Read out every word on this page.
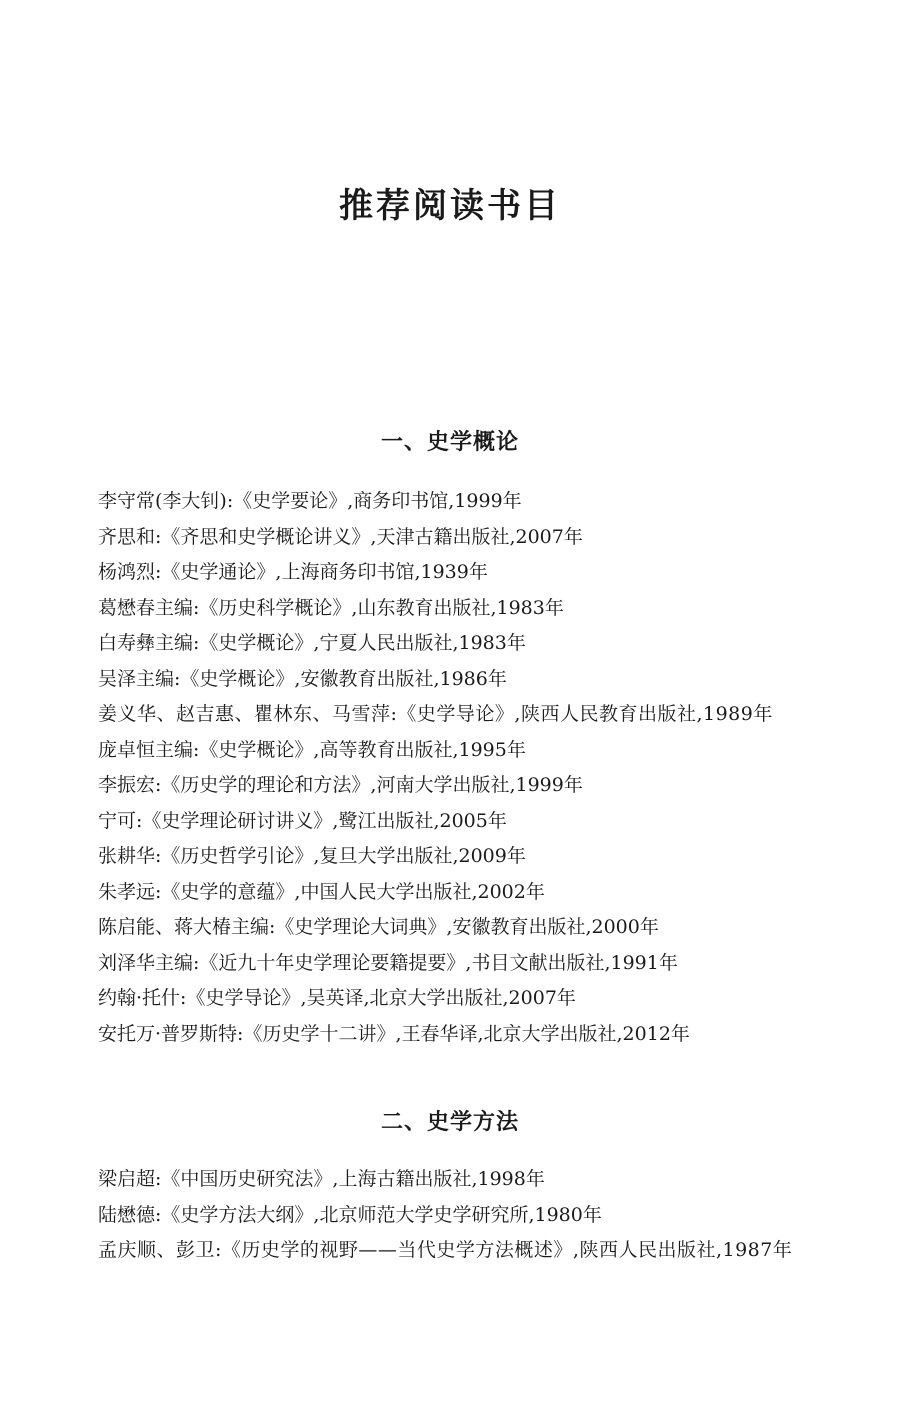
推荐阅读书目
一、史学概论
李守常(李大钊):《史学要论》,商务印书馆,1999年
齐思和:《齐思和史学概论讲义》,天津古籍出版社,2007年
杨鸿烈:《史学通论》,上海商务印书馆,1939年
葛懋春主编:《历史科学概论》,山东教育出版社,1983年
白寿彝主编:《史学概论》,宁夏人民出版社,1983年
吴泽主编:《史学概论》,安徽教育出版社,1986年
姜义华、赵吉惠、瞿林东、马雪萍:《史学导论》,陕西人民教育出版社,1989年
庞卓恒主编:《史学概论》,高等教育出版社,1995年
李振宏:《历史学的理论和方法》,河南大学出版社,1999年
宁可:《史学理论研讨讲义》,鹭江出版社,2005年
张耕华:《历史哲学引论》,复旦大学出版社,2009年
朱孝远:《史学的意蕴》,中国人民大学出版社,2002年
陈启能、蒋大椿主编:《史学理论大词典》,安徽教育出版社,2000年
刘泽华主编:《近九十年史学理论要籍提要》,书目文献出版社,1991年
约翰·托什:《史学导论》,吴英译,北京大学出版社,2007年
安托万·普罗斯特:《历史学十二讲》,王春华译,北京大学出版社,2012年
二、史学方法
梁启超:《中国历史研究法》,上海古籍出版社,1998年
陆懋德:《史学方法大纲》,北京师范大学史学研究所,1980年
孟庆顺、彭卫:《历史学的视野——当代史学方法概述》,陕西人民出版社,1987年
